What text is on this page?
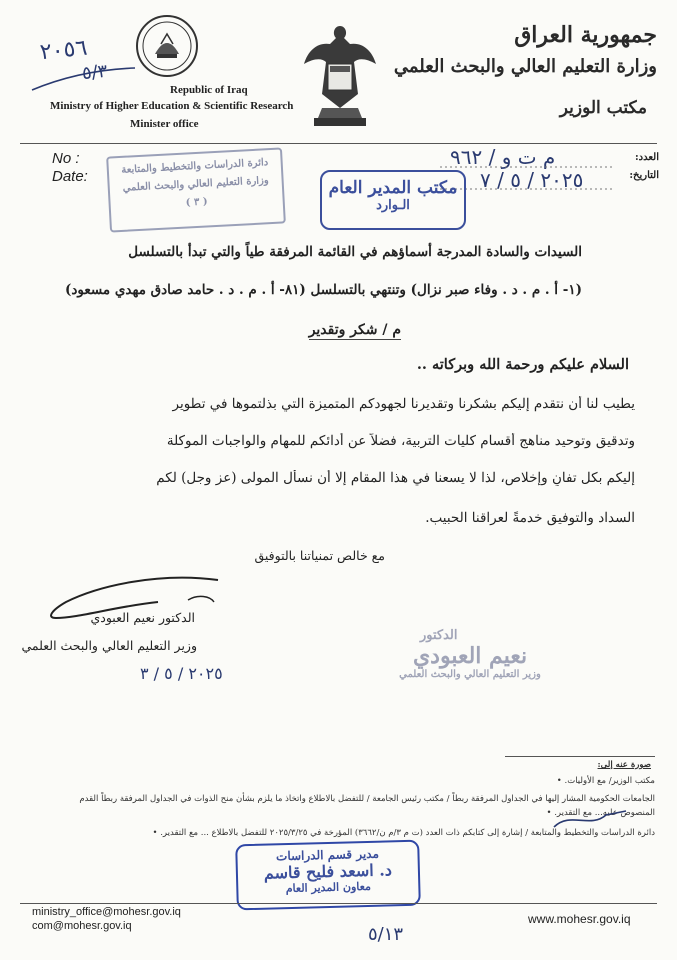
٢٠٥٦
٥/٣
Republic of Iraq
Ministry of Higher Education & Scientific Research
Minister office
جمهورية العراق
وزارة التعليم العالي والبحث العلمي
مكتب الوزير
No :
Date:
العدد:
التاريخ:
م ت و / ٩٦٢
٢٠٢٥ / ٥ / ٧
دائرة الدراسات والتخطيط والمتابعة
وزارة التعليم العالي والبحث العلمي
( ٣ )
مكتب المدير العام
الـوارد
السيدات والسادة المدرجة أسماؤهم في القائمة المرفقة طياً والتي تبدأ بالتسلسل
(١- أ . م . د . وفاء صبر نزال) وتنتهي بالتسلسل (٨١- أ . م . د . حامد صادق مهدي مسعود)
م / شكر وتقدير
السلام عليكم ورحمة الله وبركاته ..
يطيب لنا أن نتقدم إليكم بشكرنا وتقديرنا لجهودكم المتميزة التي بذلتموها في تطوير
وتدقيق وتوحيد مناهج أقسام كليات التربية، فضلاً عن أدائكم للمهام والواجبات الموكلة
إليكم بكل تفانٍ وإخلاص، لذا لا يسعنا في هذا المقام إلا أن نسأل المولى (عز وجل) لكم
السداد والتوفيق خدمةً لعراقنا الحبيب.
مع خالص تمنياتنا بالتوفيق
الدكتور نعيم العبودي
وزير التعليم العالي والبحث العلمي
٢٠٢٥ / ٥ / ٣
الدكتور
نعيم العبودي
وزير التعليم العالي والبحث العلمي
صورة عنه إلى:
مكتب الوزير/ مع الأوليات. •
الجامعات الحكومية المشار إليها في الجداول المرفقة ربطاً / مكتب رئيس الجامعة / للتفضل بالاطلاع واتخاذ ما يلزم بشأن منح الذوات في الجداول المرفقة ربطاً القدم المنصوص عليه... مع التقدير. •
دائرة الدراسات والتخطيط والمتابعة / إشارة إلى كتابكم ذات العدد (ت م ٣/م ن/٣٦٦٢) المؤرخة في ٢٠٢٥/٣/٢٥ للتفضل بالاطلاع ... مع التقدير. •
مدير قسم الدراسات
د. اسعد فليح قاسم
معاون المدير العام
ministry_office@mohesr.gov.iq
com@mohesr.gov.iq	www.mohesr.gov.iq
٥/١٣
